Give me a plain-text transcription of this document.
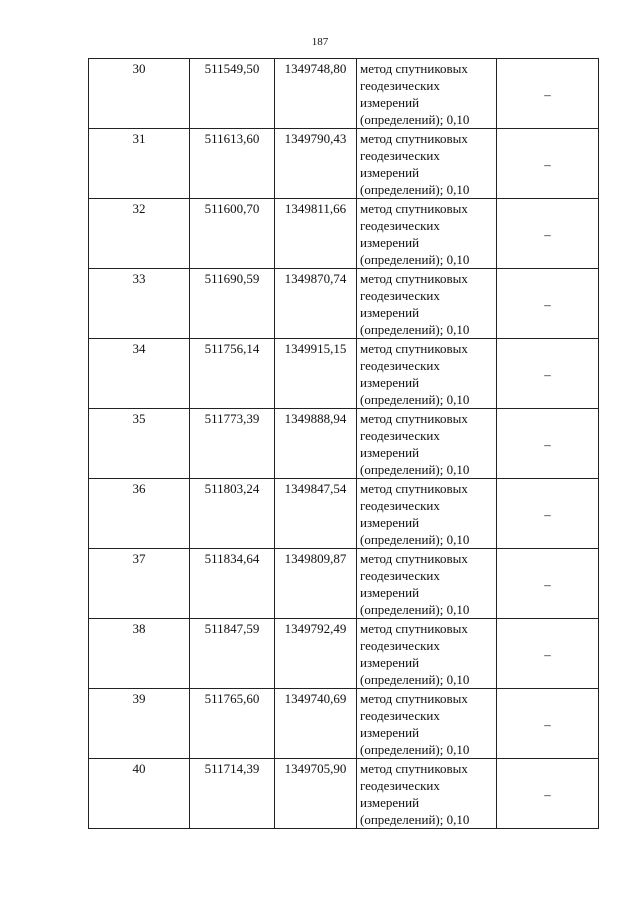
187
30	511549,50	1349748,80	метод спутниковых
геодезических
измерений
(определений); 0,10	–
31	511613,60	1349790,43	метод спутниковых
геодезических
измерений
(определений); 0,10	–
32	511600,70	1349811,66	метод спутниковых
геодезических
измерений
(определений); 0,10	–
33	511690,59	1349870,74	метод спутниковых
геодезических
измерений
(определений); 0,10	–
34	511756,14	1349915,15	метод спутниковых
геодезических
измерений
(определений); 0,10	–
35	511773,39	1349888,94	метод спутниковых
геодезических
измерений
(определений); 0,10	–
36	511803,24	1349847,54	метод спутниковых
геодезических
измерений
(определений); 0,10	–
37	511834,64	1349809,87	метод спутниковых
геодезических
измерений
(определений); 0,10	–
38	511847,59	1349792,49	метод спутниковых
геодезических
измерений
(определений); 0,10	–
39	511765,60	1349740,69	метод спутниковых
геодезических
измерений
(определений); 0,10	–
40	511714,39	1349705,90	метод спутниковых
геодезических
измерений
(определений); 0,10	–
